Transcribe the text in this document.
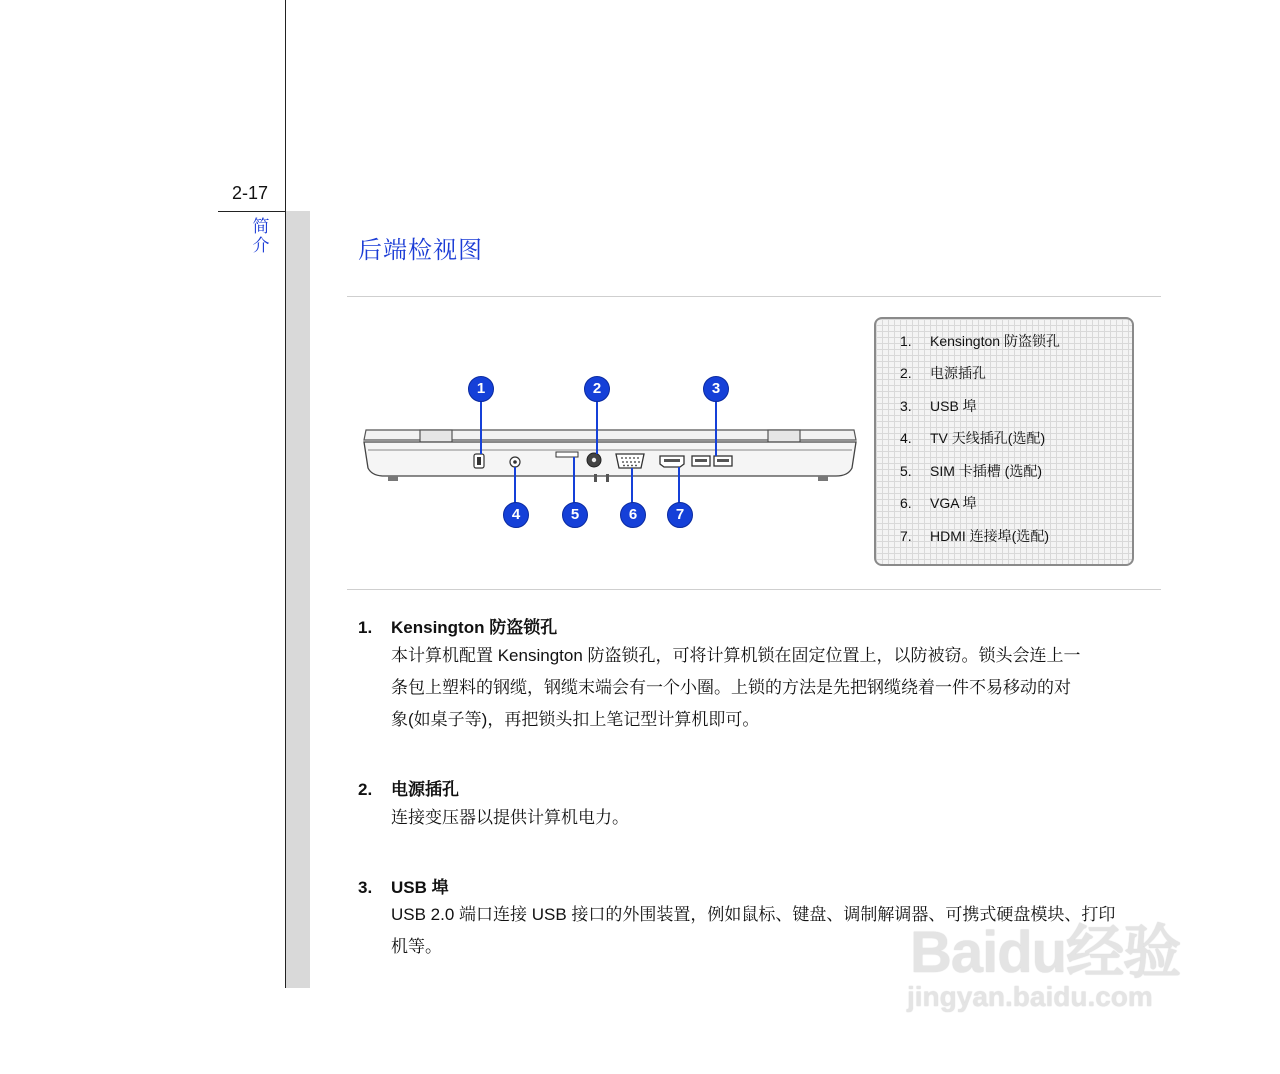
2-17
简
介	后端检视图
1	2	3
4	5	6	7
1. Kensington 防盗锁孔
2. 电源插孔
3. USB 埠
4. TV 天线插孔(选配)
5. SIM 卡插槽 (选配)
6. VGA 埠
7. HDMI 连接埠(选配)
1. Kensington 防盗锁孔
本计算机配置 Kensington 防盗锁孔，可将计算机锁在固定位置上，以防被窃。锁头会连上一
条包上塑料的钢缆，钢缆末端会有一个小圈。上锁的方法是先把钢缆绕着一件不易移动的对
象(如桌子等)，再把锁头扣上笔记型计算机即可。
2. 电源插孔
连接变压器以提供计算机电力。
3. USB 埠
USB 2.0 端口连接 USB 接口的外围装置，例如鼠标、键盘、调制解调器、可携式硬盘模块、打印
机等。	Baidu经验
jingyan.baidu.com
